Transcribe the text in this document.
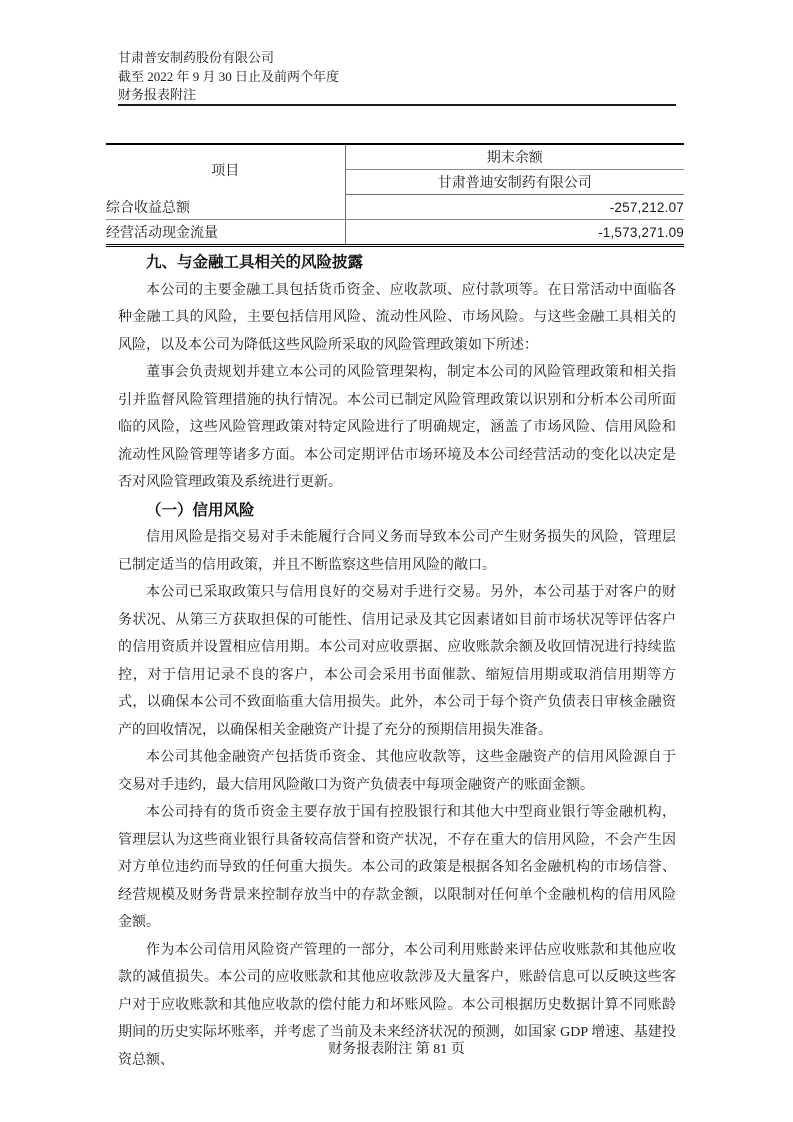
甘肃普安制药股份有限公司
截至 2022 年 9 月 30 日止及前两个年度
财务报表附注
项目	期末余额
	甘肃普迪安制药有限公司
综合收益总额	-257,212.07
经营活动现金流量	-1,573,271.09
九、与金融工具相关的风险披露

本公司的主要金融工具包括货币资金、应收款项、应付款项等。在日常活动中面临各种金融工具的风险，主要包括信用风险、流动性风险、市场风险。与这些金融工具相关的风险，以及本公司为降低这些风险所采取的风险管理政策如下所述：

董事会负责规划并建立本公司的风险管理架构，制定本公司的风险管理政策和相关指引并监督风险管理措施的执行情况。本公司已制定风险管理政策以识别和分析本公司所面临的风险，这些风险管理政策对特定风险进行了明确规定，涵盖了市场风险、信用风险和流动性风险管理等诸多方面。本公司定期评估市场环境及本公司经营活动的变化以决定是否对风险管理政策及系统进行更新。

（一）信用风险

信用风险是指交易对手未能履行合同义务而导致本公司产生财务损失的风险，管理层已制定适当的信用政策，并且不断监察这些信用风险的敞口。

本公司已采取政策只与信用良好的交易对手进行交易。另外，本公司基于对客户的财务状况、从第三方获取担保的可能性、信用记录及其它因素诸如目前市场状况等评估客户的信用资质并设置相应信用期。本公司对应收票据、应收账款余额及收回情况进行持续监控，对于信用记录不良的客户，本公司会采用书面催款、缩短信用期或取消信用期等方式，以确保本公司不致面临重大信用损失。此外，本公司于每个资产负债表日审核金融资产的回收情况，以确保相关金融资产计提了充分的预期信用损失准备。

本公司其他金融资产包括货币资金、其他应收款等，这些金融资产的信用风险源自于交易对手违约，最大信用风险敞口为资产负债表中每项金融资产的账面金额。

本公司持有的货币资金主要存放于国有控股银行和其他大中型商业银行等金融机构，管理层认为这些商业银行具备较高信誉和资产状况，不存在重大的信用风险，不会产生因对方单位违约而导致的任何重大损失。本公司的政策是根据各知名金融机构的市场信誉、经营规模及财务背景来控制存放当中的存款金额，以限制对任何单个金融机构的信用风险金额。

作为本公司信用风险资产管理的一部分，本公司利用账龄来评估应收账款和其他应收款的减值损失。本公司的应收账款和其他应收款涉及大量客户，账龄信息可以反映这些客户对于应收账款和其他应收款的偿付能力和坏账风险。本公司根据历史数据计算不同账龄期间的历史实际坏账率，并考虑了当前及未来经济状况的预测，如国家 GDP 增速、基建投资总额、

财务报表附注 第 81 页
